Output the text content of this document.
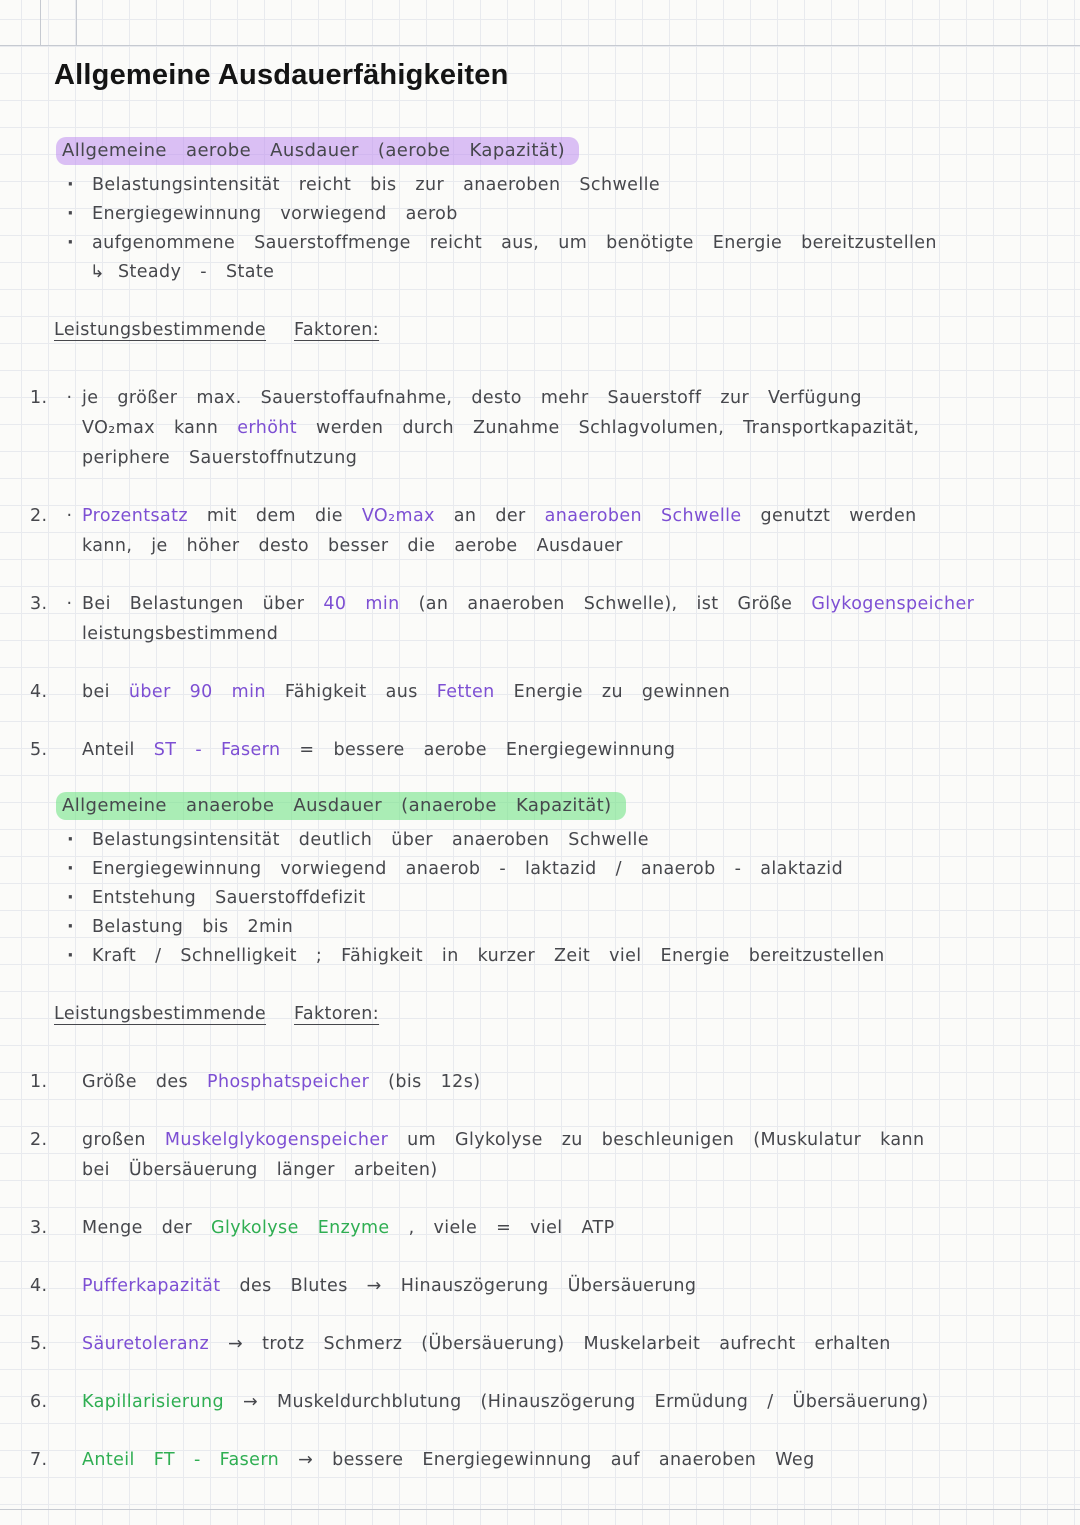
Allgemeine Ausdauerfähigkeiten
Allgemeine aerobe Ausdauer (aerobe Kapazität)
· Belastungsintensität reicht bis zur anaeroben Schwelle
· Energiegewinnung vorwiegend aerob
· aufgenommene Sauerstoffmenge reicht aus, um benötigte Energie bereitzustellen
↳ Steady - State
Leistungsbestimmende Faktoren:
1. · je größer max. Sauerstoffaufnahme, desto mehr Sauerstoff zur Verfügung
VO₂max kann erhöht werden durch Zunahme Schlagvolumen, Transportkapazität,
periphere Sauerstoffnutzung
2. · Prozentsatz mit dem die VO₂max an der anaeroben Schwelle genutzt werden
kann, je höher desto besser die aerobe Ausdauer
3. · Bei Belastungen über 40 min (an anaeroben Schwelle), ist Größe Glykogenspeicher
leistungsbestimmend
4. bei über 90 min Fähigkeit aus Fetten Energie zu gewinnen
5. Anteil ST - Fasern = bessere aerobe Energiegewinnung
Allgemeine anaerobe Ausdauer (anaerobe Kapazität)
· Belastungsintensität deutlich über anaeroben Schwelle
· Energiegewinnung vorwiegend anaerob - laktazid / anaerob - alaktazid
· Entstehung Sauerstoffdefizit
· Belastung bis 2min
· Kraft / Schnelligkeit ; Fähigkeit in kurzer Zeit viel Energie bereitzustellen
Leistungsbestimmende Faktoren:
1. Größe des Phosphatspeicher (bis 12s)
2. großen Muskelglykogenspeicher um Glykolyse zu beschleunigen (Muskulatur kann
bei Übersäuerung länger arbeiten)
3. Menge der Glykolyse Enzyme , viele = viel ATP
4. Pufferkapazität des Blutes → Hinauszögerung Übersäuerung
5. Säuretoleranz → trotz Schmerz (Übersäuerung) Muskelarbeit aufrecht erhalten
6. Kapillarisierung → Muskeldurchblutung (Hinauszögerung Ermüdung / Übersäuerung)
7. Anteil FT - Fasern → bessere Energiegewinnung auf anaeroben Weg
